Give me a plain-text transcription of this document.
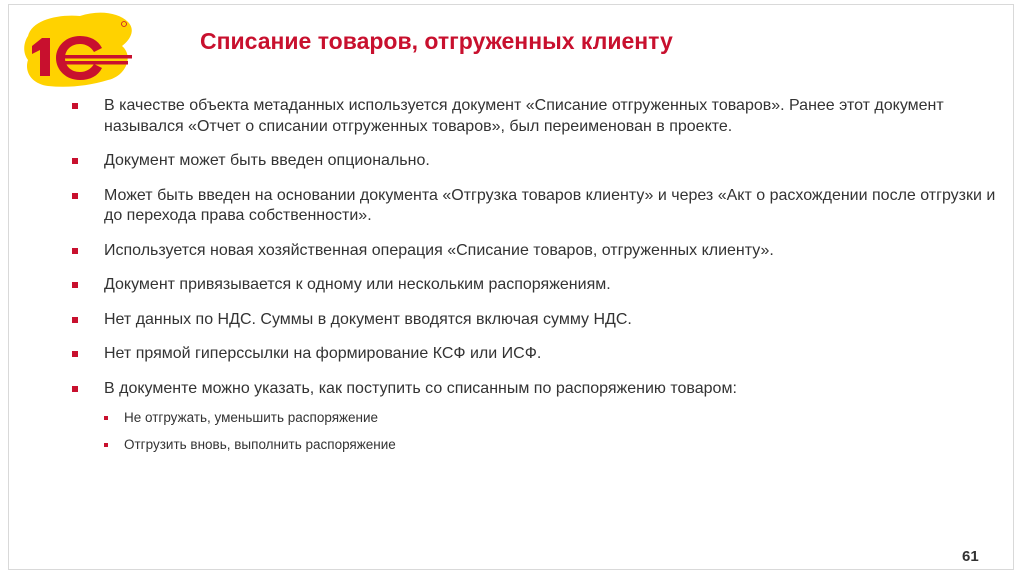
Списание товаров, отгруженных клиенту
В качестве объекта метаданных используется документ «Списание отгруженных товаров». Ранее этот документ назывался «Отчет о списании отгруженных товаров», был переименован в проекте.
Документ может быть введен опционально.
Может быть введен на основании документа «Отгрузка товаров клиенту» и через «Акт о расхождении после отгрузки и до перехода права собственности».
Используется новая хозяйственная операция «Списание товаров, отгруженных клиенту».
Документ привязывается к одному или нескольким распоряжениям.
Нет данных по НДС. Суммы в документ вводятся включая сумму НДС.
Нет прямой гиперссылки на формирование КСФ или ИСФ.
В документе можно указать, как поступить со списанным по распоряжению товаром:
Не отгружать, уменьшить распоряжение
Отгрузить вновь, выполнить распоряжение
61
